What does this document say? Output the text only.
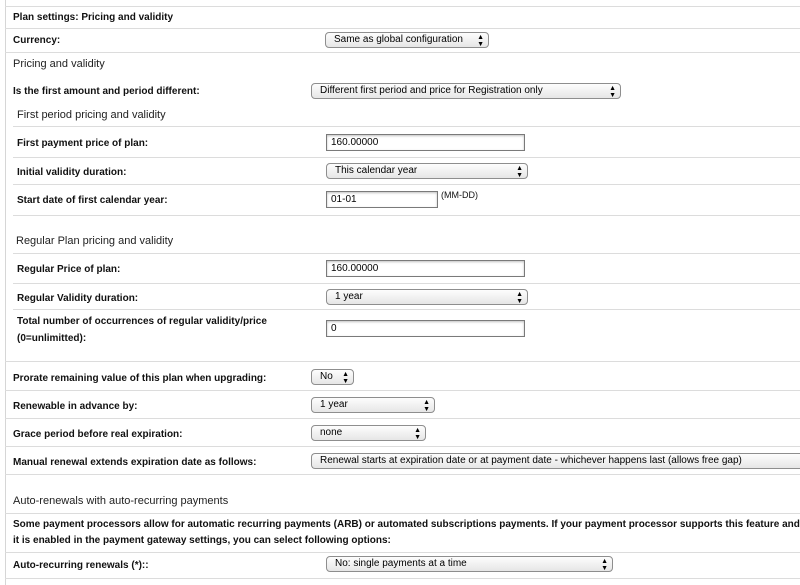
Plan settings: Pricing and validity
Currency:	Same as global configuration ▲
▼
Pricing and validity
Is the first amount and period different:	Different first period and price for Registration only	▲
▼
First period pricing and validity
First payment price of plan:
160.00000
Initial validity duration:	This calendar year	▲
▼
Start date of first calendar year:
01-01	(MM-DD)
Regular Plan pricing and validity
Regular Price of plan:
160.00000
Regular Validity duration:	1 year	▲
▼
Total number of occurrences of regular validity/price
(0=unlimitted):
0
Prorate remaining value of this plan when upgrading:	No ▲
▼
Renewable in advance by:	1 year	▲
▼
Grace period before real expiration:	none	▲
▼
Manual renewal extends expiration date as follows:	Renewal starts at expiration date or at payment date - whichever happens last (allows free gap)
Auto-renewals with auto-recurring payments
Some payment processors allow for automatic recurring payments (ARB) or automated subscriptions payments. If your payment processor supports this feature and it is enabled in the payment gateway settings, you can select following options:
Auto-recurring renewals (*)::	No: single payments at a time	▲
▼
